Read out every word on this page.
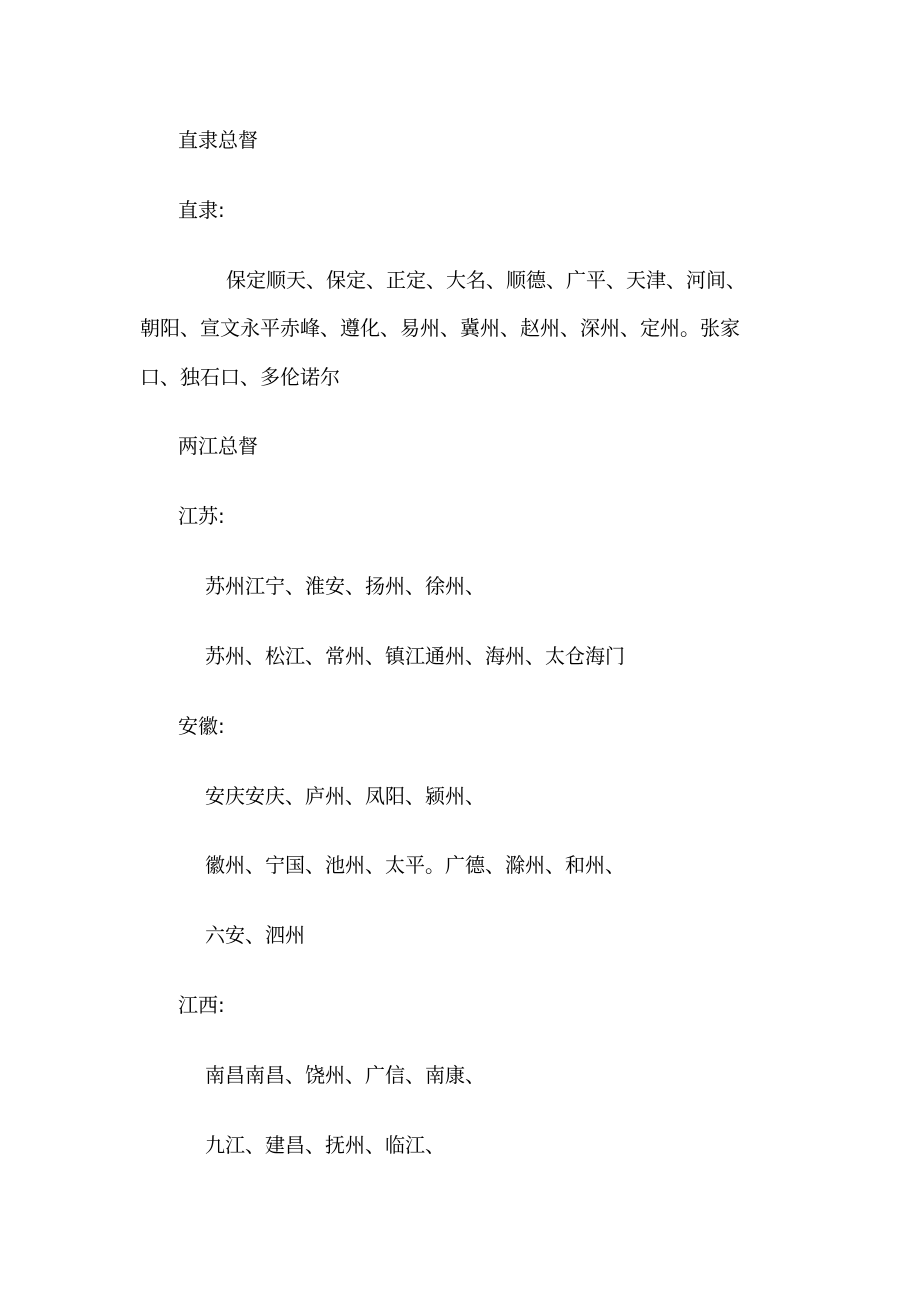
直隶总督
直隶:
保定顺天、保定、正定、大名、顺德、广平、天津、河间、
朝阳、宣文永平赤峰、遵化、易州、冀州、赵州、深州、定州。张家
口、独石口、多伦诺尔
两江总督
江苏:
苏州江宁、淮安、扬州、徐州、
苏州、松江、常州、镇江通州、海州、太仓海门
安徽:
安庆安庆、庐州、凤阳、颍州、
徽州、宁国、池州、太平。广德、滁州、和州、
六安、泗州
江西:
南昌南昌、饶州、广信、南康、
九江、建昌、抚州、临江、
